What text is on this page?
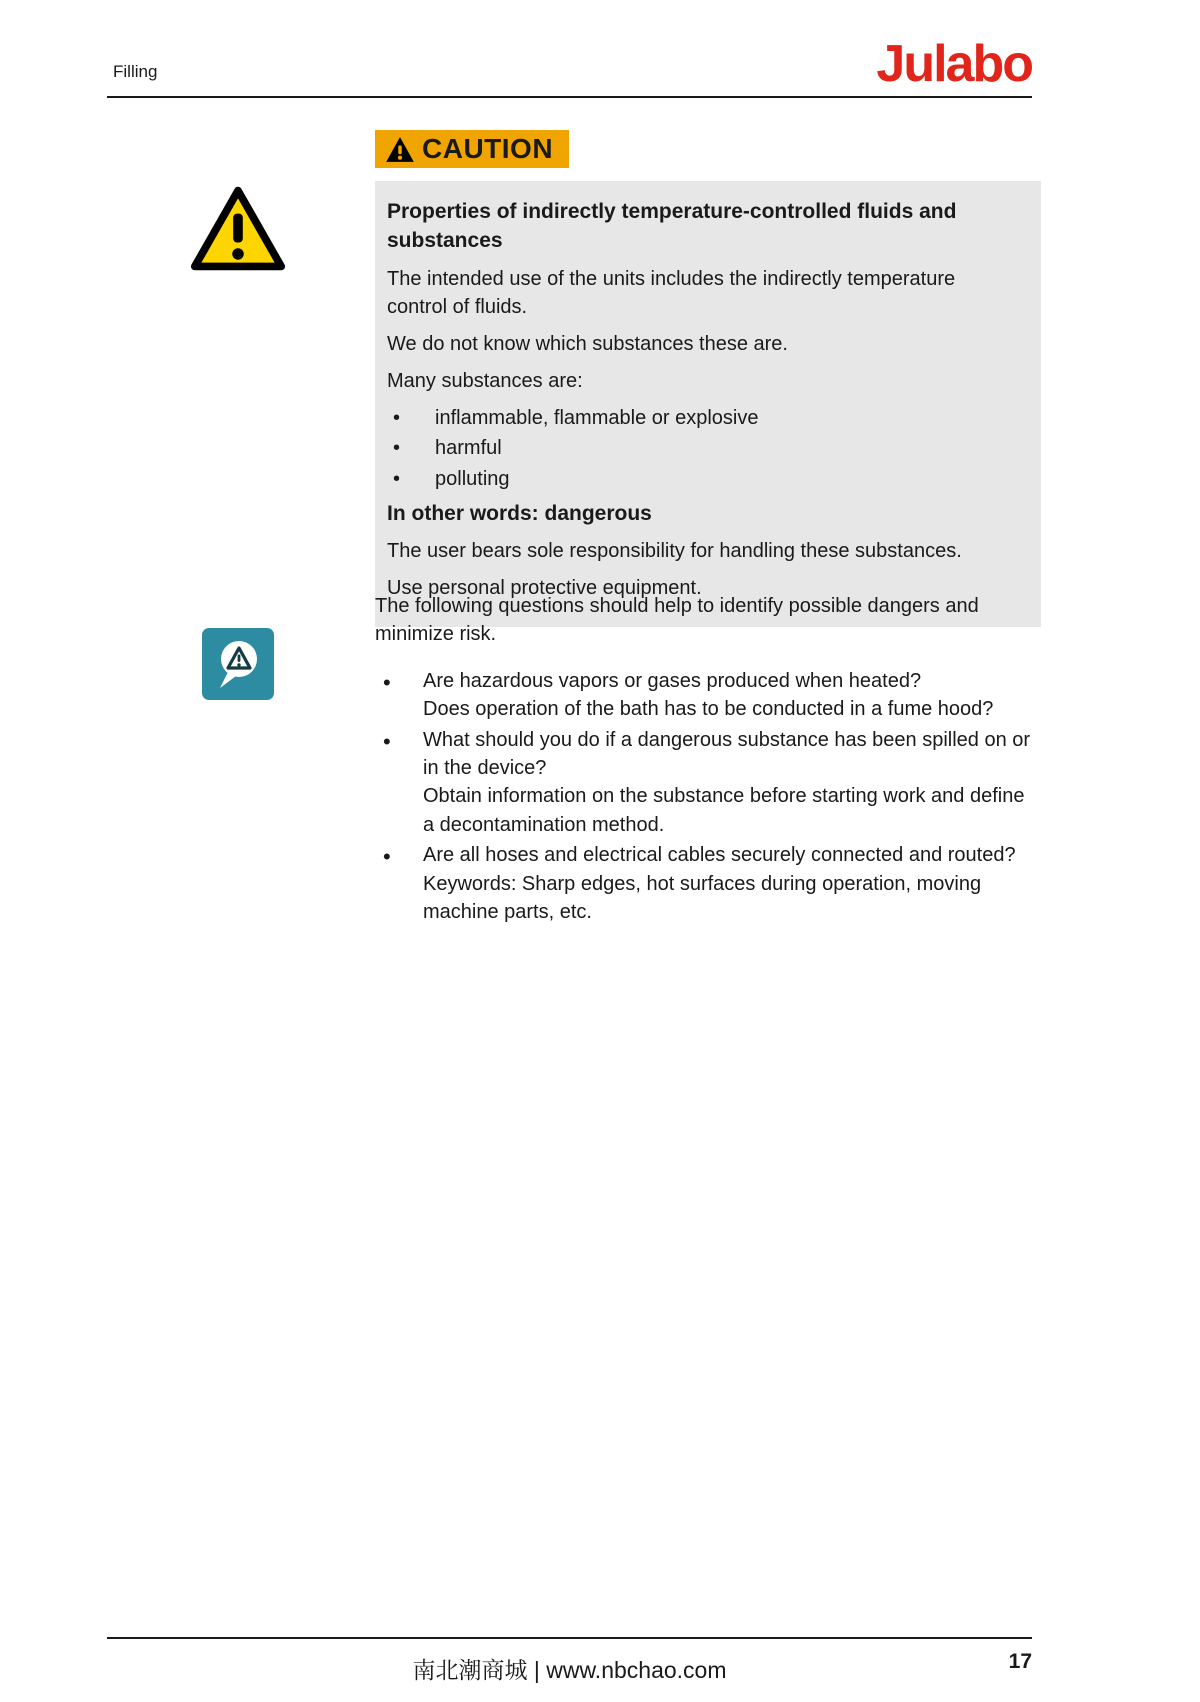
Filling	Julabo
CAUTION
Properties of indirectly temperature-controlled fluids and substances

The intended use of the units includes the indirectly temperature control of fluids.

We do not know which substances these are.

Many substances are:

• inflammable, flammable or explosive
• harmful
• polluting
In other words: dangerous

The user bears sole responsibility for handling these substances.

Use personal protective equipment.

The following questions should help to identify possible dangers and minimize risk.

• Are hazardous vapors or gases produced when heated?
Does operation of the bath has to be conducted in a fume hood?
• What should you do if a dangerous substance has been spilled on or in the device?
Obtain information on the substance before starting work and define a decontamination method.
• Are all hoses and electrical cables securely connected and routed?
Keywords: Sharp edges, hot surfaces during operation, moving machine parts, etc.
南北潮商城 | www.nbchao.com	17
